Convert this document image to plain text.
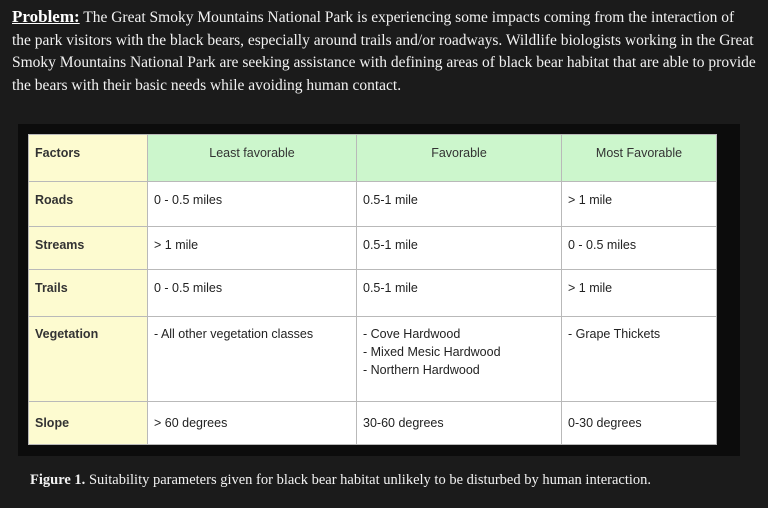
Problem: The Great Smoky Mountains National Park is experiencing some impacts coming from the interaction of the park visitors with the black bears, especially around trails and/or roadways. Wildlife biologists working in the Great Smoky Mountains National Park are seeking assistance with defining areas of black bear habitat that are able to provide the bears with their basic needs while avoiding human contact.
Factors	Least favorable	Favorable	Most Favorable

Roads	0 - 0.5 miles	0.5-1 mile	> 1 mile

Streams	> 1 mile	0.5-1 mile	0 - 0.5 miles

Trails	0 - 0.5 miles	0.5-1 mile	> 1 mile

Vegetation	- All other vegetation classes	- Cove Hardwood
- Mixed Mesic Hardwood
- Northern Hardwood	- Grape Thickets

Slope	> 60 degrees	30-60 degrees	0-30 degrees
Figure 1. Suitability parameters given for black bear habitat unlikely to be disturbed by human interaction.
